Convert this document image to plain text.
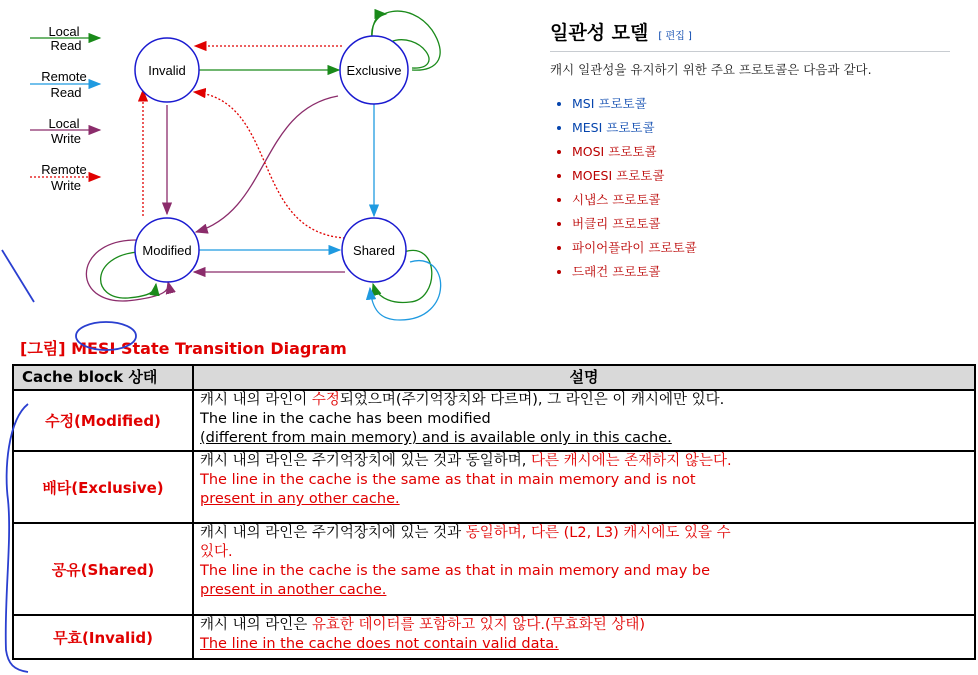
Local
Read
Remote
Read
Local
Write
Remote
Write
Invalid	Exclusive
Modified	Shared
일관성 모델 [ 편집 ]
캐시 일관성을 유지하기 위한 주요 프로토콜은 다음과 같다.
• MSI 프로토콜
• MESI 프로토콜
• MOSI 프로토콜
• MOESI 프로토콜
• 시냅스 프로토콜
• 버클리 프로토콜
• 파이어플라이 프로토콜
• 드래건 프로토콜
[그림] MESI State Transition Diagram
Cache block 상태	설명
수정(Modified)	캐시 내의 라인이 수정되었으며(주기억장치와 다르며), 그 라인은 이 캐시에만 있다.
The line in the cache has been modified
(different from main memory) and is available only in this cache.

배타(Exclusive)	캐시 내의 라인은 주기억장치에 있는 것과 동일하며, 다른 캐시에는 존재하지 않는다.
The line in the cache is the same as that in main memory and is not
present in any other cache.

공유(Shared)	캐시 내의 라인은 주기억장치에 있는 것과 동일하며, 다른 (L2, L3) 캐시에도 있을 수
있다.
The line in the cache is the same as that in main memory and may be
present in another cache.

무효(Invalid)	캐시 내의 라인은 유효한 데이터를 포함하고 있지 않다.(무효화된 상태)
The line in the cache does not contain valid data.
